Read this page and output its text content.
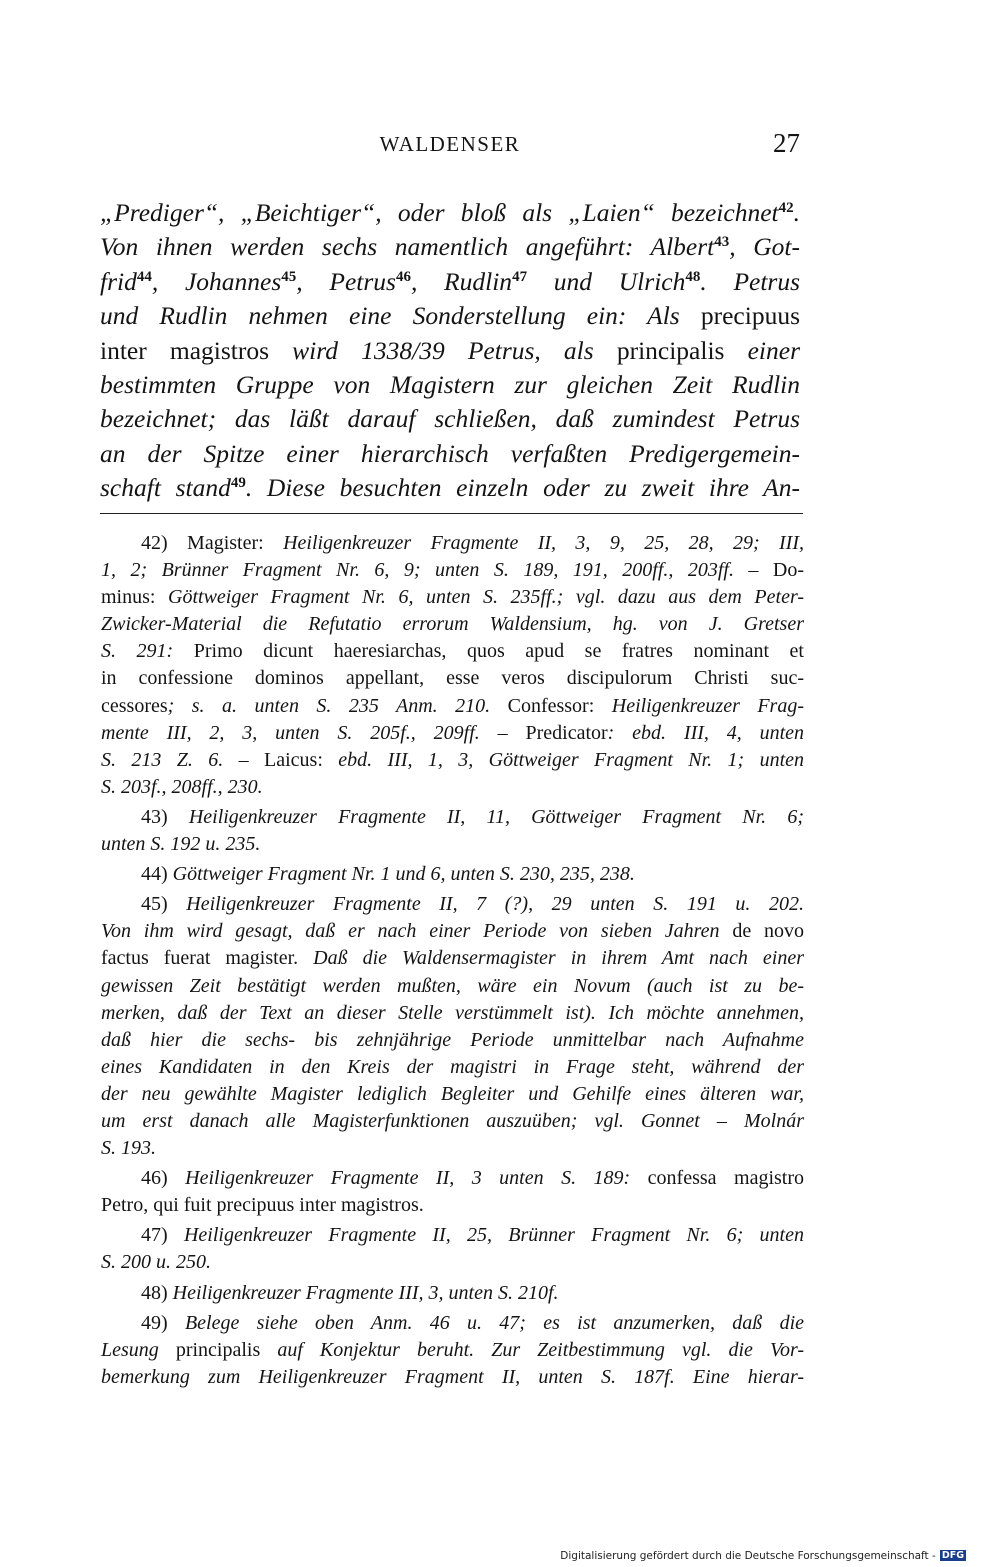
WALDENSER	27
„Prediger“, „Beichtiger“, oder bloß als „Laien“ bezeichnet$^{42}$.
Von ihnen werden sechs namentlich angeführt: Albert$^{43}$, Got-
frid$^{44}$, Johannes$^{45}$, Petrus$^{46}$, Rudlin$^{47}$ und Ulrich$^{48}$. Petrus
und Rudlin nehmen eine Sonderstellung ein: Als precipuus
inter magistros wird 1338/39 Petrus, als principalis einer
bestimmten Gruppe von Magistern zur gleichen Zeit Rudlin
bezeichnet; das läßt darauf schließen, daß zumindest Petrus
an der Spitze einer hierarchisch verfaßten Predigergemein-
schaft stand$^{49}$. Diese besuchten einzeln oder zu zweit ihre An-
42) Magister: Heiligenkreuzer Fragmente II, 3, 9, 25, 28, 29; III,
1, 2; Brünner Fragment Nr. 6, 9; unten S. 189, 191, 200ff., 203ff. – Do-
minus: Göttweiger Fragment Nr. 6, unten S. 235ff.; vgl. dazu aus dem Peter-
Zwicker-Material die Refutatio errorum Waldensium, hg. von J. Gretser
S. 291: Primo dicunt haeresiarchas, quos apud se fratres nominant et
in confessione dominos appellant, esse veros discipulorum Christi suc-
cessores; s. a. unten S. 235 Anm. 210. Confessor: Heiligenkreuzer Frag-
mente III, 2, 3, unten S. 205f., 209ff. – Predicator: ebd. III, 4, unten
S. 213 Z. 6. – Laicus: ebd. III, 1, 3, Göttweiger Fragment Nr. 1; unten
S. 203f., 208ff., 230.
43) Heiligenkreuzer Fragmente II, 11, Göttweiger Fragment Nr. 6;
unten S. 192 u. 235.
44) Göttweiger Fragment Nr. 1 und 6, unten S. 230, 235, 238.
45) Heiligenkreuzer Fragmente II, 7 (?), 29 unten S. 191 u. 202.
Von ihm wird gesagt, daß er nach einer Periode von sieben Jahren de novo
factus fuerat magister. Daß die Waldensermagister in ihrem Amt nach einer
gewissen Zeit bestätigt werden mußten, wäre ein Novum (auch ist zu be-
merken, daß der Text an dieser Stelle verstümmelt ist). Ich möchte annehmen,
daß hier die sechs- bis zehnjährige Periode unmittelbar nach Aufnahme
eines Kandidaten in den Kreis der magistri in Frage steht, während der
der neu gewählte Magister lediglich Begleiter und Gehilfe eines älteren war,
um erst danach alle Magisterfunktionen auszuüben; vgl. Gonnet – Molnár
S. 193.
46) Heiligenkreuzer Fragmente II, 3 unten S. 189: confessa magistro
Petro, qui fuit precipuus inter magistros.
47) Heiligenkreuzer Fragmente II, 25, Brünner Fragment Nr. 6; unten
S. 200 u. 250.
48) Heiligenkreuzer Fragmente III, 3, unten S. 210f.
49) Belege siehe oben Anm. 46 u. 47; es ist anzumerken, daß die
Lesung principalis auf Konjektur beruht. Zur Zeitbestimmung vgl. die Vor-
bemerkung zum Heiligenkreuzer Fragment II, unten S. 187f. Eine hierar-
Digitalisierung gefördert durch die Deutsche Forschungsgemeinschaft - DFG
